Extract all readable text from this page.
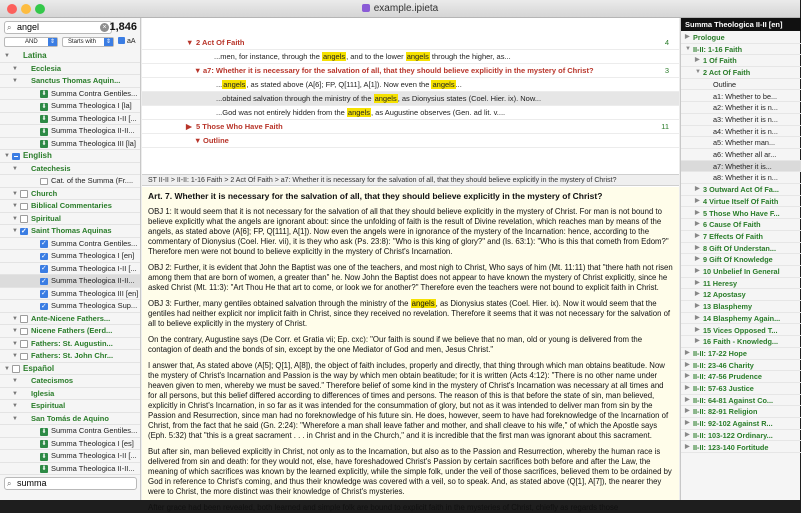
example.ipieta
⌕ angel	× 1,846
AND	⇕	Starts with	⇕	aA
▼ Latina
▼ Ecclesia
▼ Sanctus Thomas Aquin...
⬇ Summa Contra Gentiles...
⬇ Summa Theologica I [la]
⬇ Summa Theologica I-II [...
⬇ Summa Theologica II-II...
⬇ Summa Theologica III [la]
▼ English
▼ Catechesis
Cat. of the Summa (Fr....
▼ Church
▼ Biblical Commentaries
▼ Spiritual
▼ ✓ Saint Thomas Aquinas
✓
Summa Contra Gentiles...
✓
Summa Theologica I [en]
✓
Summa Theologica I-II [...
✓
Summa Theologica II-II...
✓
Summa Theologica III [en]
✓
Summa Theologica Sup...
▼ Ante-Nicene Fathers...
▼ Nicene Fathers (Eerd...
▼ Fathers: St. Augustin...
▼ Fathers: St. John Chr...
▼ Español
▼ Catecismos
▼ Iglesia
▼ Espiritual
▼ San Tomás de Aquino
⬇ Summa Contra Gentiles...
⬇ Summa Theologica I [es]
⬇ Summa Theologica I-II [...
⬇ Summa Theologica II-II...
⌕ summa
▼ 2 Act Of Faith	4
...men, for instance, through the angels, and to the lower angels through the higher, as...
▼ a7: Whether it is necessary for the salvation of all, that they should believe explicitly in the mystery of Christ?	3
...angels, as stated above (A[6]; FP, Q[111], A[1]). Now even the angels...
...obtained salvation through the ministry of the angels, as Dionysius states (Coel. Hier. ix). Now...
...God was not entirely hidden from the angels, as Augustine observes (Gen. ad lit. v....
▶ 5 Those Who Have Faith	11
▼ Outline
ST II-II > II-II: 1-16 Faith > 2 Act Of Faith > a7: Whether it is necessary for the salvation of all, that they should believe explicitly in the mystery of Christ?
Art. 7. Whether it is necessary for the salvation of all, that they should believe explicitly in the mystery of Christ?

OBJ 1: It would seem that it is not necessary for the salvation of all that they should believe explicitly in the mystery of Christ. For man is not bound to believe explicitly what the angels are ignorant about: since the unfolding of faith is the result of Divine revelation, which reaches man by means of the angels, as stated above (A[6]; FP, Q[111], A[1]). Now even the angels were in ignorance of the mystery of the Incarnation: hence, according to the commentary of Dionysius (Coel. Hier. vii), it is they who ask (Ps. 23:8): "Who is this king of glory?" and (Is. 63:1): "Who is this that cometh from Edom?" Therefore men were not bound to believe explicitly in the mystery of Christ's Incarnation.

OBJ 2: Further, it is evident that John the Baptist was one of the teachers, and most nigh to Christ, Who says of him (Mt. 11:11) that "there hath not risen among them that are born of women, a greater than" he. Now John the Baptist does not appear to have known the mystery of Christ explicitly, since he asked Christ (Mt. 11:3): "Art Thou He that art to come, or look we for another?" Therefore even the teachers were not bound to explicit faith in Christ.

OBJ 3: Further, many gentiles obtained salvation through the ministry of the angels, as Dionysius states (Coel. Hier. ix). Now it would seem that the gentiles had neither explicit nor implicit faith in Christ, since they received no revelation. Therefore it seems that it was not necessary for the salvation of all to believe explicitly in the mystery of Christ.

On the contrary, Augustine says (De Corr. et Gratia vii; Ep. cxc): "Our faith is sound if we believe that no man, old or young is delivered from the contagion of death and the bonds of sin, except by the one Mediator of God and men, Jesus Christ."

I answer that, As stated above (A[5]; Q[1], A[8]), the object of faith includes, properly and directly, that thing through which man obtains beatitude. Now the mystery of Christ's Incarnation and Passion is the way by which men obtain beatitude; for it is written (Acts 4:12): "There is no other name under heaven given to men, whereby we must be saved." Therefore belief of some kind in the mystery of Christ's Incarnation was necessary at all times and for all persons, but this belief differed according to differences of times and persons. The reason of this is that before the state of sin, man believed, explicitly in Christ's Incarnation, in so far as it was intended for the consummation of glory, but not as it was intended to deliver man from sin by the Passion and Resurrection, since man had no foreknowledge of his future sin. He does, however, seem to have had foreknowledge of the Incarnation of Christ, from the fact that he said (Gn. 2:24): "Wherefore a man shall leave father and mother, and shall cleave to his wife," of which the Apostle says (Eph. 5:32) that "this is a great sacrament . . . in Christ and in the Church," and it is incredible that the first man was ignorant about this sacrament.

But after sin, man believed explicitly in Christ, not only as to the Incarnation, but also as to the Passion and Resurrection, whereby the human race is delivered from sin and death: for they would not, else, have foreshadowed Christ's Passion by certain sacrifices both before and after the Law, the meaning of which sacrifices was known by the learned explicitly, while the simple folk, under the veil of those sacrifices, believed them to be ordained by God in reference to Christ's coming, and thus their knowledge was covered with a veil, so to speak. And, as stated above (Q[1], A[7]), the nearer they were to Christ, the more distinct was their knowledge of Christ's mysteries.

After grace had been revealed, both learned and simple folk are bound to explicit faith in the mysteries of Christ, chiefly as regards those

Summa Theologica II-II [en]
▶ Prologue
▼ II-II: 1-16 Faith
▶ 1 Of Faith
▼ 2 Act Of Faith
Outline
a1: Whether to be...
a2: Whether it is n...
a3: Whether it is n...
a4: Whether it is n...
a5: Whether man...
a6: Whether all ar...
a7: Whether it is...
a8: Whether it is n...
▶ 3 Outward Act Of Fa...
▶ 4 Virtue Itself Of Faith
▶ 5 Those Who Have F...
▶ 6 Cause Of Faith
▶ 7 Effects Of Faith
▶ 8 Gift Of Understan...
▶ 9 Gift Of Knowledge
▶ 10 Unbelief In General
▶ 11 Heresy
▶ 12 Apostasy
▶ 13 Blasphemy
▶ 14 Blasphemy Again...
▶ 15 Vices Opposed T...
▶ 16 Faith - Knowledg...
▶ II-II: 17-22 Hope
▶ II-II: 23-46 Charity
▶ II-II: 47-56 Prudence
▶ II-II: 57-63 Justice
▶ II-II: 64-81 Against Co...
▶ II-II: 82-91 Religion
▶ II-II: 92-102 Against R...
▶ II-II: 103-122 Ordinary...
▶ II-II: 123-140 Fortitude
